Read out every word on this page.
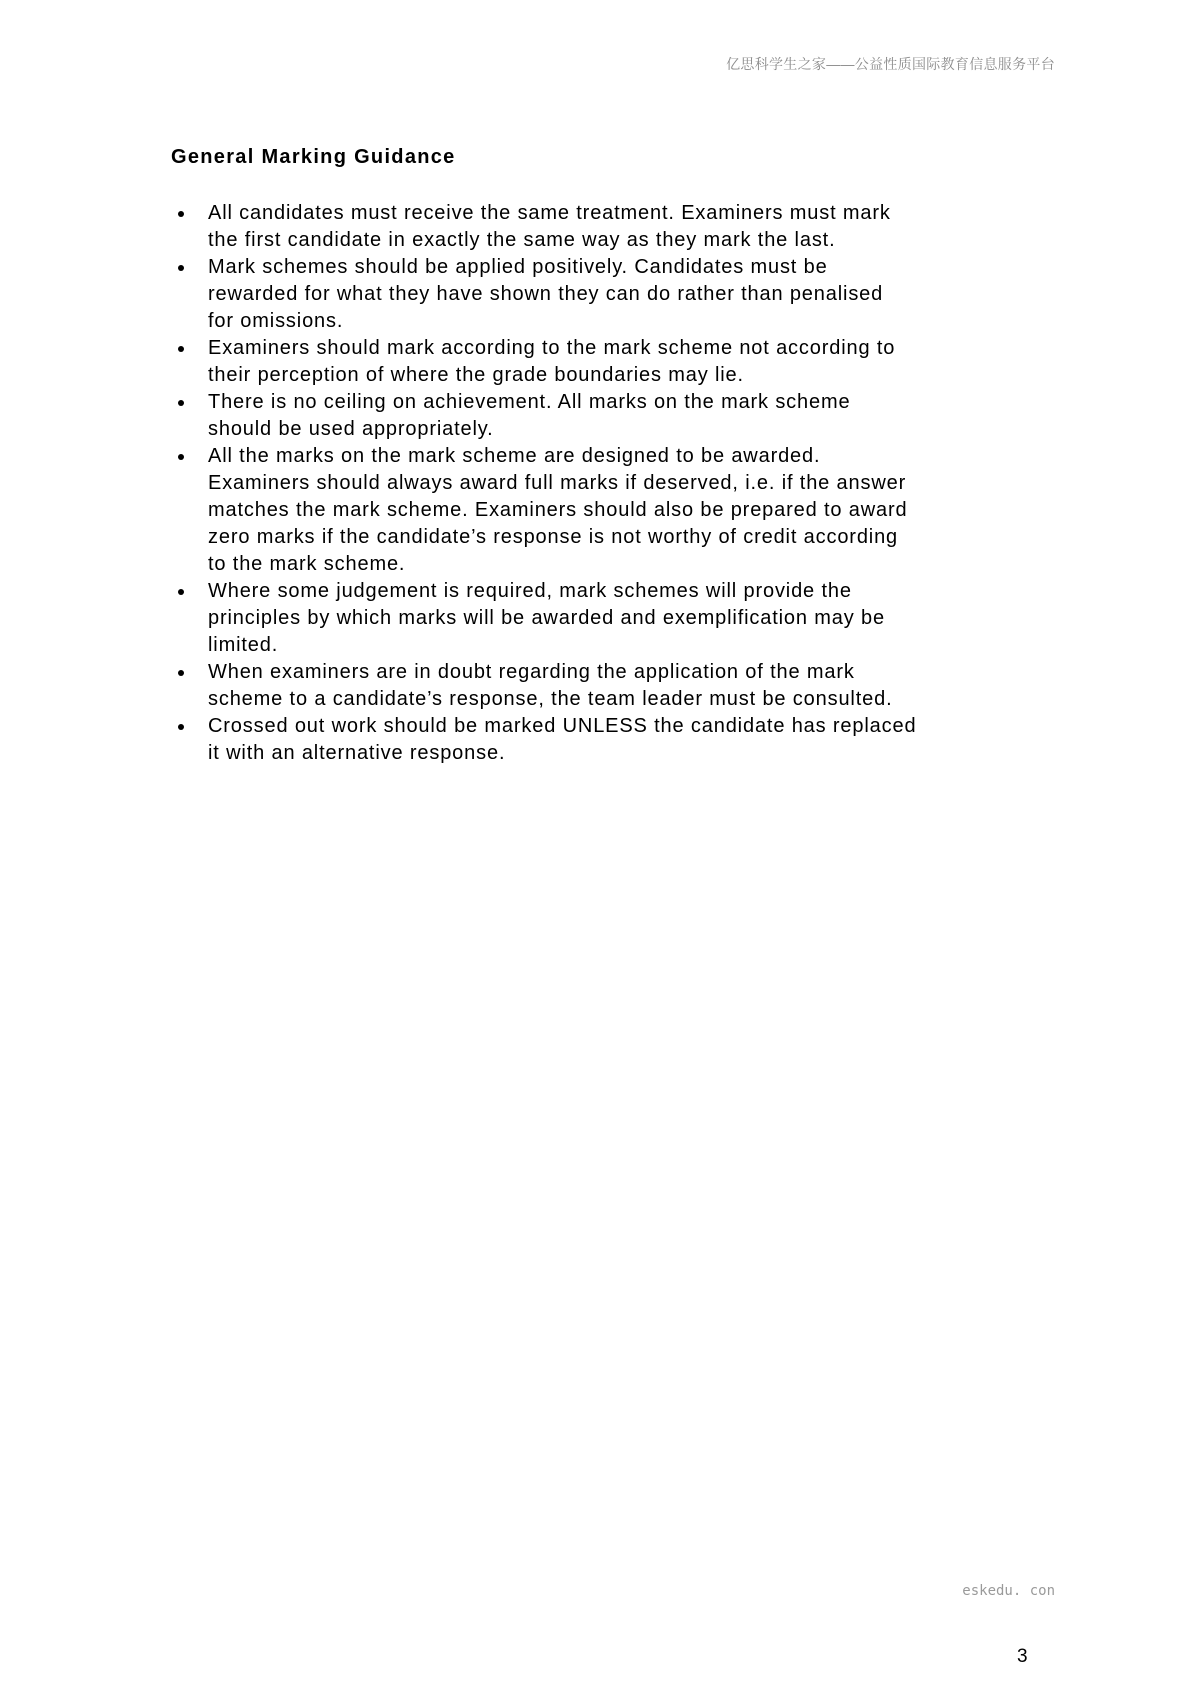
亿思科学生之家——公益性质国际教育信息服务平台
General Marking Guidance
All candidates must receive the same treatment. Examiners must mark
the first candidate in exactly the same way as they mark the last.
Mark schemes should be applied positively. Candidates must be
rewarded for what they have shown they can do rather than penalised
for omissions.
Examiners should mark according to the mark scheme not according to
their perception of where the grade boundaries may lie.
There is no ceiling on achievement. All marks on the mark scheme
should be used appropriately.
All the marks on the mark scheme are designed to be awarded.
Examiners should always award full marks if deserved, i.e. if the answer
matches the mark scheme. Examiners should also be prepared to award
zero marks if the candidate’s response is not worthy of credit according
to the mark scheme.
Where some judgement is required, mark schemes will provide the
principles by which marks will be awarded and exemplification may be
limited.
When examiners are in doubt regarding the application of the mark
scheme to a candidate’s response, the team leader must be consulted.
Crossed out work should be marked UNLESS the candidate has replaced
it with an alternative response.
eskedu. con
3
